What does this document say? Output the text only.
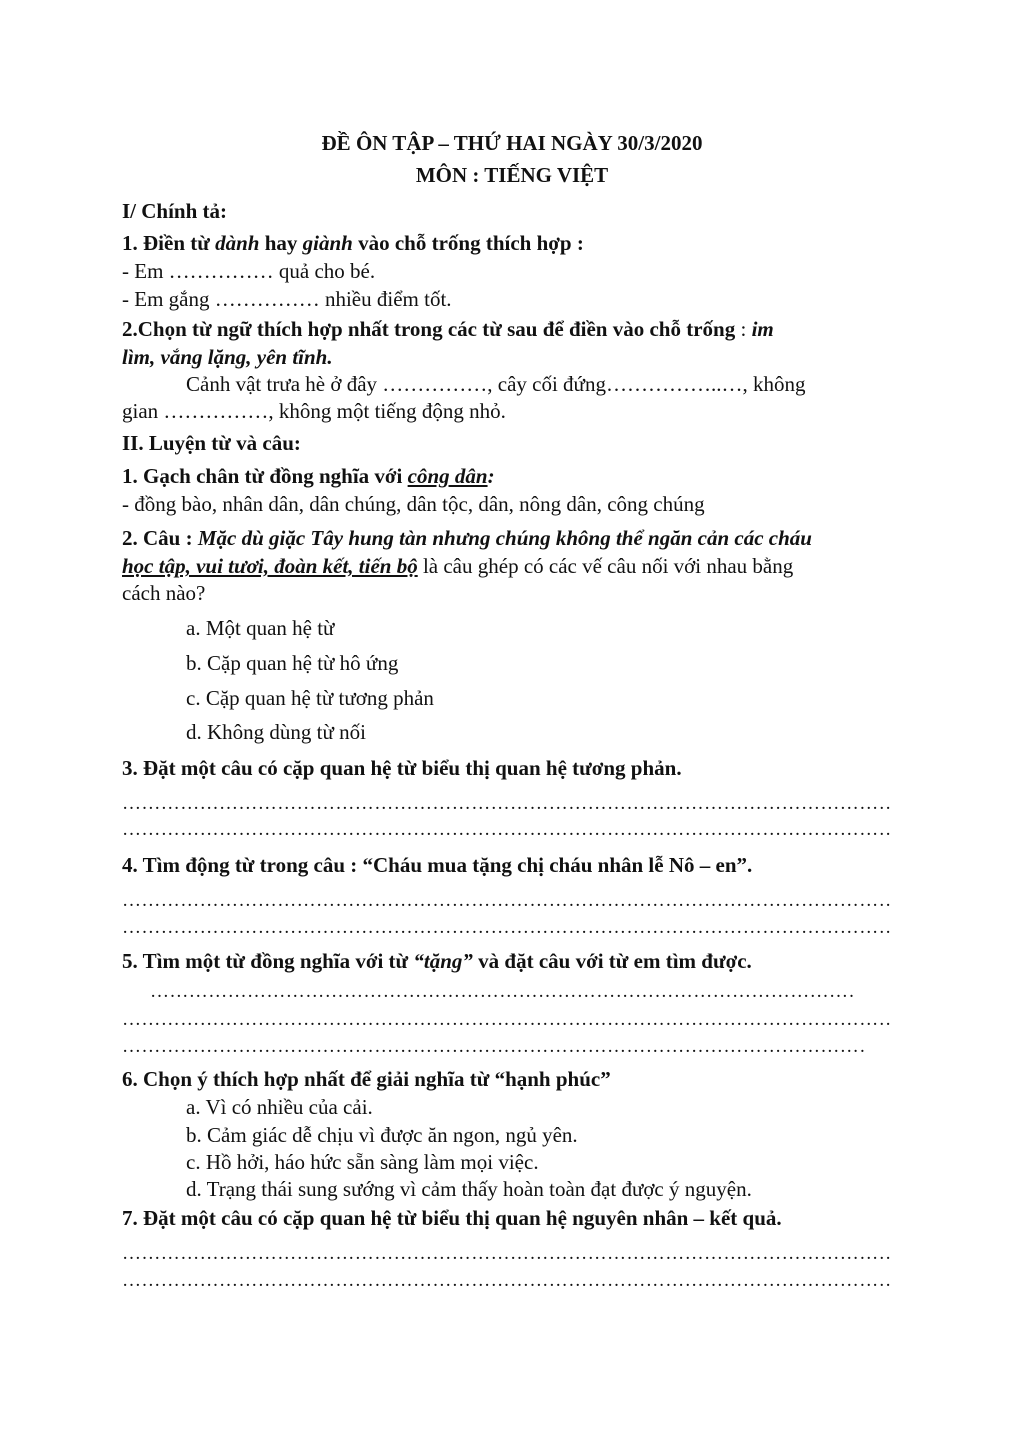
ĐỀ ÔN TẬP – THỨ HAI NGÀY 30/3/2020
MÔN : TIẾNG VIỆT
I/ Chính tả:
1. Điền từ dành hay giành vào chỗ trống thích hợp :
- Em …………… quả cho bé.
- Em gắng …………… nhiều điểm tốt.
2.Chọn từ ngữ thích hợp nhất trong các từ sau để điền vào chỗ trống : im
lìm, vắng lặng, yên tĩnh.
Cảnh vật trưa hè ở đây ……………, cây cối đứng……………..…, không
gian ……………, không một tiếng động nhỏ.
II. Luyện từ và câu:
1. Gạch chân từ đồng nghĩa với công dân:
- đồng bào, nhân dân, dân chúng, dân tộc, dân, nông dân, công chúng
2. Câu : Mặc dù giặc Tây hung tàn nhưng chúng không thể ngăn cản các cháu
học tập, vui tươi, đoàn kết, tiến bộ là câu ghép có các vế câu nối với nhau bằng
cách nào?
a. Một quan hệ từ
b. Cặp quan hệ từ hô ứng
c. Cặp quan hệ từ tương phản
d. Không dùng từ nối
3. Đặt một câu có cặp quan hệ từ biểu thị quan hệ tương phản.
……………………………………………………………………………………………………………………………………………
……………………………………………………………………………………………………………………………………………
4. Tìm động từ trong câu : “Cháu mua tặng chị cháu nhân lễ Nô – en”.
……………………………………………………………………………………………………………………………………………
……………………………………………………………………………………………………………………………………………
5. Tìm một từ đồng nghĩa với từ “tặng” và đặt câu với từ em tìm được.
……………………………………………………………………………………………………………………………………………
……………………………………………………………………………………………………………………………………………
……………………………………………………………………………………………………………………………………………
6. Chọn ý thích hợp nhất để giải nghĩa từ “hạnh phúc”
a. Vì có nhiều của cải.
b. Cảm giác dễ chịu vì được ăn ngon, ngủ yên.
c. Hồ hởi, háo hức sẵn sàng làm mọi việc.
d. Trạng thái sung sướng vì cảm thấy hoàn toàn đạt được ý nguyện.
7. Đặt một câu có cặp quan hệ từ biểu thị quan hệ nguyên nhân – kết quả.
……………………………………………………………………………………………………………………………………………
……………………………………………………………………………………………………………………………………………
